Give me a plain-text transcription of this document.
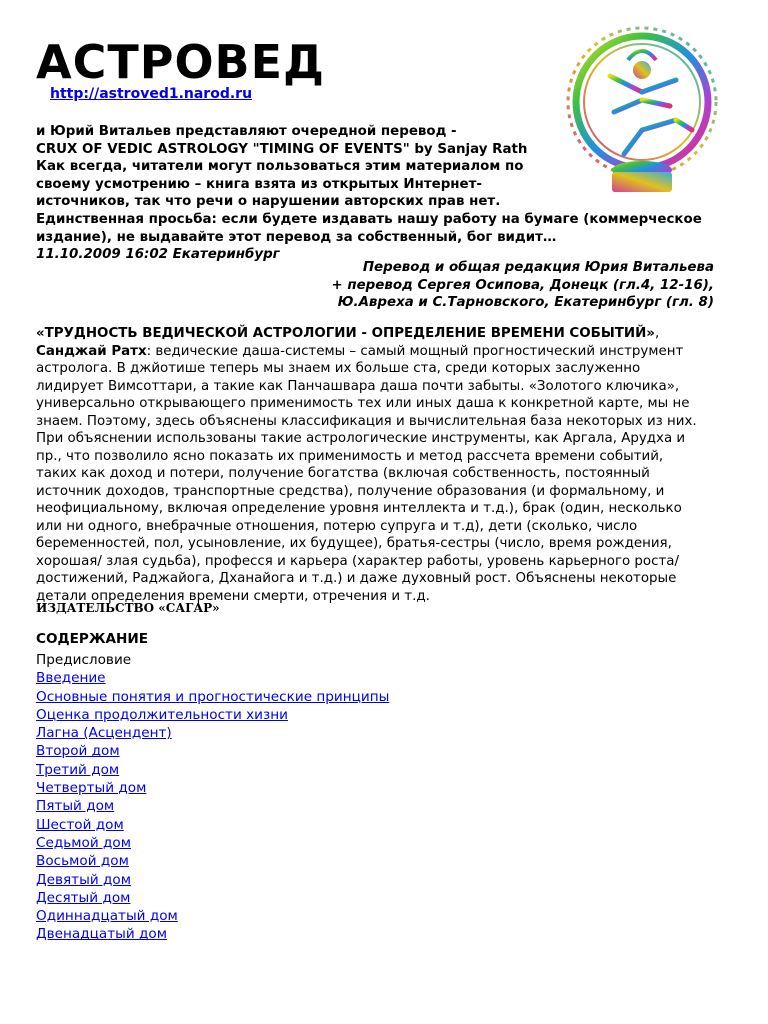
АСТРОВЕД
http://astroved1.narod.ru
и Юрий Витальев представляют очередной перевод -
CRUX OF VEDIC ASTROLOGY "TIMING OF EVENTS" by Sanjay Rath
Как всегда, читатели могут пользоваться этим материалом по
своему усмотрению – книга взята из открытых Интернет-
источников, так что речи о нарушении авторских прав нет.
Единственная просьба: если будете издавать нашу работу на бумаге (коммерческое
издание), не выдавайте этот перевод за собственный, бог видит…
11.10.2009 16:02 Екатеринбург
Перевод и общая редакция Юрия Витальева
+ перевод Сергея Осипова, Донецк (гл.4, 12-16),
Ю.Авреха и С.Тарновского, Екатеринбург (гл. 8)
«ТРУДНОСТЬ ВЕДИЧЕСКОЙ АСТРОЛОГИИ - ОПРЕДЕЛЕНИЕ ВРЕМЕНИ СОБЫТИЙ»,
Санджай Ратх: ведические даша-системы – самый мощный прогностический инструмент
астролога. В джйотише теперь мы знаем их больше ста, среди которых заслуженно
лидирует Вимсоттари, а такие как Панчашвара даша почти забыты. «Золотого ключика»,
универсально открывающего применимость тех или иных даша к конкретной карте, мы не
знаем. Поэтому, здесь объяснены классификация и вычислительная база некоторых из них.
При объяснении использованы такие астрологические инструменты, как Аргала, Арудха и
пр., что позволило ясно показать их применимость и метод рассчета времени событий,
таких как доход и потери, получение богатства (включая собственность, постоянный
источник доходов, транспортные средства), получение образования (и формальному, и
неофициальному, включая определение уровня интеллекта и т.д.), брак (один, несколько
или ни одного, внебрачные отношения, потерю супруга и т.д), дети (сколько, число
беременностей, пол, усыновление, их будущее), братья-сестры (число, время рождения,
хорошая/ злая судьба), професся и карьера (характер работы, уровень карьерного роста/
достижений, Раджайога, Дханайога и т.д.) и даже духовный рост. Объяснены некоторые
детали определения времени смерти, отречения и т.д.
ИЗДАТЕЛЬСТВО «САГАР»
СОДЕРЖАНИЕ
Предисловие
Введение
Основные понятия и прогностические принципы
Оценка продолжительности хизни
Лагна (Асцендент)
Второй дом
Третий дом
Четвертый дом
Пятый дом
Шестой дом
Седьмой дом
Восьмой дом
Девятый дом
Десятый дом
Одиннадцатый дом
Двенадцатый дом
